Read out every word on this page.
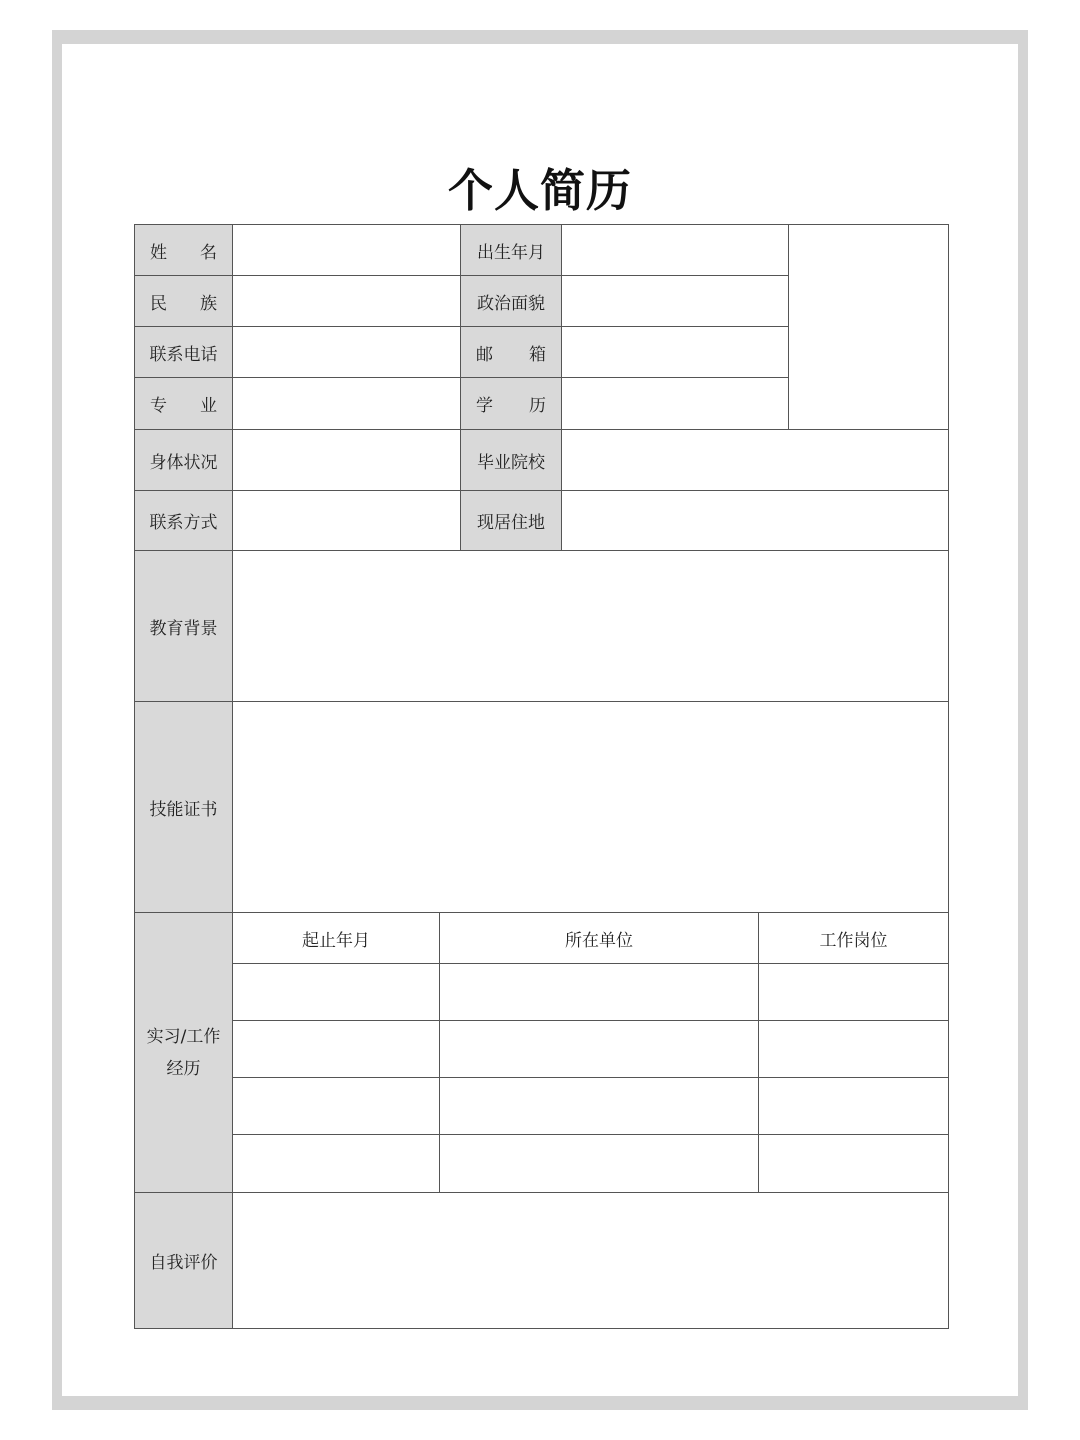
个人简历
姓 名	出生年月
民 族	政治面貌
联系电话	邮 箱
专 业	学 历
身体状况	毕业院校
联系方式	现居住地
教育背景
技能证书
实习/工作
经历
起止年月	所在单位	工作岗位
自我评价
